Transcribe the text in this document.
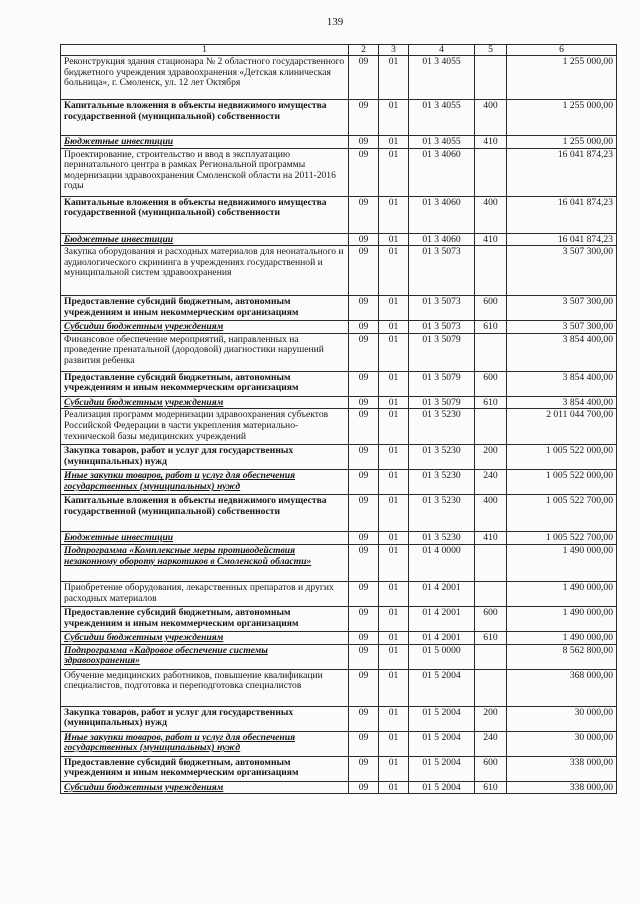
139
1	2	3	4	5	6
Реконструкция здания стационара № 2 областного государственного бюджетного учреждения здравоохранения «Детская клиническая больница», г. Смоленск, ул. 12 лет Октября	09	01	01 3 4055		1 255 000,00
Капитальные вложения в объекты недвижимого имущества государственной (муниципальной) собственности	09	01	01 3 4055	400	1 255 000,00
Бюджетные инвестиции	09	01	01 3 4055	410	1 255 000,00
Проектирование, строительство и ввод в эксплуатацию перинатального центра в рамках Региональной программы модернизации здравоохранения Смоленской области на 2011-2016 годы	09	01	01 3 4060		16 041 874,23
Капитальные вложения в объекты недвижимого имущества государственной (муниципальной) собственности	09	01	01 3 4060	400	16 041 874,23
Бюджетные инвестиции	09	01	01 3 4060	410	16 041 874,23
Закупка оборудования и расходных материалов для неонатального и аудиологического скрининга в учреждениях государственной и муниципальной систем здравоохранения	09	01	01 3 5073		3 507 300,00
Предоставление субсидий бюджетным, автономным учреждениям и иным некоммерческим организациям	09	01	01 3 5073	600	3 507 300,00
Субсидии бюджетным учреждениям	09	01	01 3 5073	610	3 507 300,00
Финансовое обеспечение мероприятий, направленных на проведение пренатальной (дородовой) диагностики нарушений развития ребенка	09	01	01 3 5079		3 854 400,00
Предоставление субсидий бюджетным, автономным учреждениям и иным некоммерческим организациям	09	01	01 3 5079	600	3 854 400,00
Субсидии бюджетным учреждениям	09	01	01 3 5079	610	3 854 400,00
Реализация программ модернизации здравоохранения субъектов Российской Федерации в части укрепления материально-технической базы медицинских учреждений	09	01	01 3 5230		2 011 044 700,00
Закупка товаров, работ и услуг для государственных (муниципальных) нужд	09	01	01 3 5230	200	1 005 522 000,00
Иные закупки товаров, работ и услуг для обеспечения государственных (муниципальных) нужд	09	01	01 3 5230	240	1 005 522 000,00
Капитальные вложения в объекты недвижимого имущества государственной (муниципальной) собственности	09	01	01 3 5230	400	1 005 522 700,00
Бюджетные инвестиции	09	01	01 3 5230	410	1 005 522 700,00
Подпрограмма «Комплексные меры противодействия незаконному обороту наркотиков в Смоленской области»	09	01	01 4 0000		1 490 000,00
Приобретение оборудования, лекарственных препаратов и других расходных материалов	09	01	01 4 2001		1 490 000,00
Предоставление субсидий бюджетным, автономным учреждениям и иным некоммерческим организациям	09	01	01 4 2001	600	1 490 000,00
Субсидии бюджетным учреждениям	09	01	01 4 2001	610	1 490 000,00
Подпрограмма «Кадровое обеспечение системы здравоохранения»	09	01	01 5 0000		8 562 800,00
Обучение медицинских работников, повышение квалификации специалистов, подготовка и переподготовка специалистов	09	01	01 5 2004		368 000,00
Закупка товаров, работ и услуг для государственных (муниципальных) нужд	09	01	01 5 2004	200	30 000,00
Иные закупки товаров, работ и услуг для обеспечения государственных (муниципальных) нужд	09	01	01 5 2004	240	30 000,00
Предоставление субсидий бюджетным, автономным учреждениям и иным некоммерческим организациям	09	01	01 5 2004	600	338 000,00
Субсидии бюджетным учреждениям	09	01	01 5 2004	610	338 000,00
